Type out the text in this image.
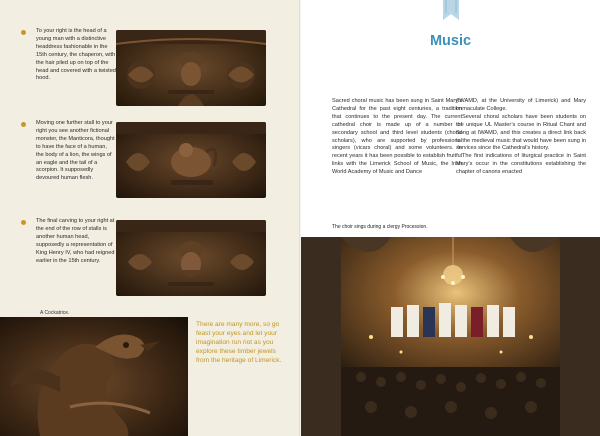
To your right is the head of a young man with a distinctive headdress fashionable in the 15th century, the chaperon, with the hair piled up on top of the head and covered with a twisted hood.
Moving one further stall to your right you see another fictional monster, the Manticora, thought to have the face of a human, the body of a lion, the wings of an eagle and the tail of a scorpion. It supposedly devoured human flesh.
The final carving to your right at the end of the row of stalls is another human head, supposedly a representation of King Henry IV, who had reigned earlier in the 15th century.
A Cockatrice.
There are many more, so go feast your eyes and let your imagination run riot as you explore these timber jewels from the heritage of Limerick.
Music

Sacred choral music has been sung in Saint Mary’s Cathedral for the past eight centuries, a tradition that continues to the present day. The current cathedral choir is made up of a number of secondary school and third level students (choral scholars), who are supported by professional singers (vicars choral) and some volunteers. In recent years it has been possible to establish fruitful links with the Limerick School of Music, the Irish World Academy of Music and Dance

(IWAMD, at the University of Limerick) and Mary Immaculate College.

Several choral scholars have been students on the unique UL Master’s course in Ritual Chant and Song at IWAMD, and this creates a direct link back to the medieval music that would have been sung in services since the Cathedral’s history.

The first indications of liturgical practice in Saint Mary’s occur in the constitutions establishing the chapter of canons enacted

The choir sings during a clergy Procession.
